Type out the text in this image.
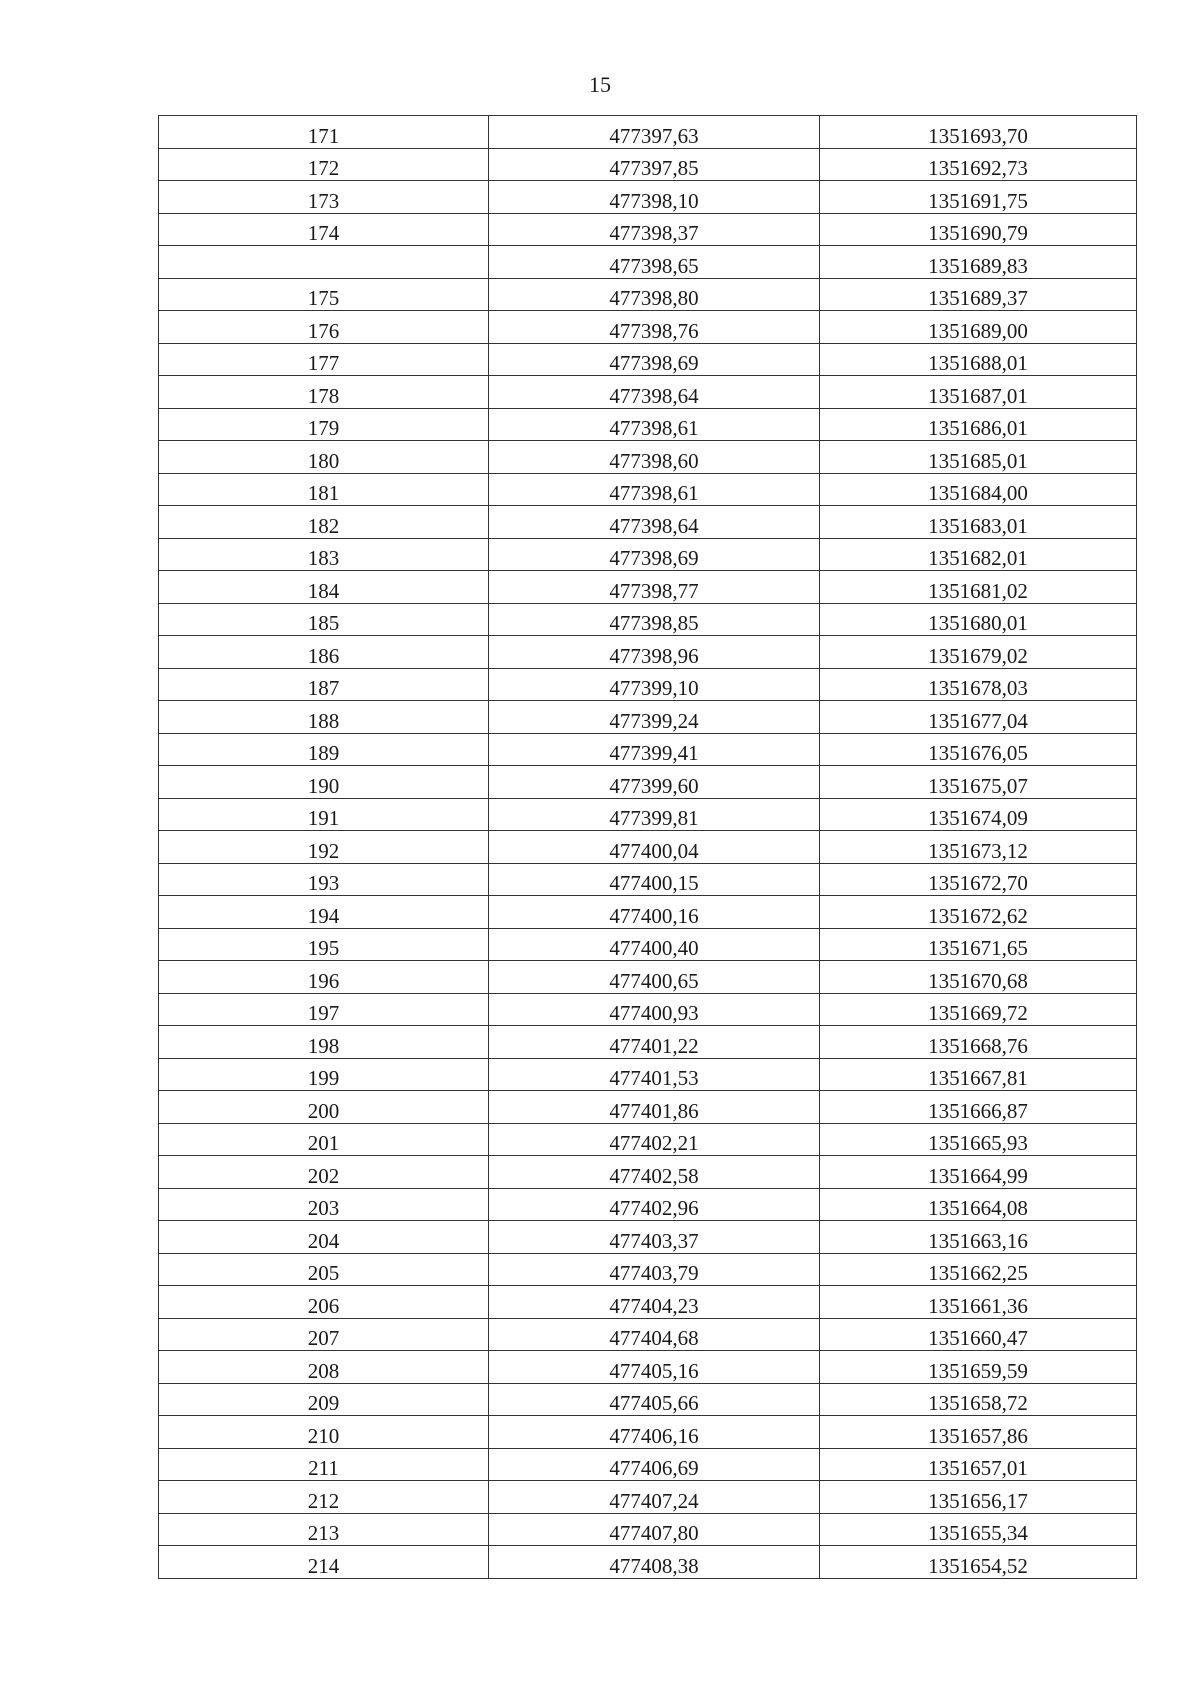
15
171	477397,63	1351693,70
172	477397,85	1351692,73
173	477398,10	1351691,75
174	477398,37	1351690,79
	477398,65	1351689,83
175	477398,80	1351689,37
176	477398,76	1351689,00
177	477398,69	1351688,01
178	477398,64	1351687,01
179	477398,61	1351686,01
180	477398,60	1351685,01
181	477398,61	1351684,00
182	477398,64	1351683,01
183	477398,69	1351682,01
184	477398,77	1351681,02
185	477398,85	1351680,01
186	477398,96	1351679,02
187	477399,10	1351678,03
188	477399,24	1351677,04
189	477399,41	1351676,05
190	477399,60	1351675,07
191	477399,81	1351674,09
192	477400,04	1351673,12
193	477400,15	1351672,70
194	477400,16	1351672,62
195	477400,40	1351671,65
196	477400,65	1351670,68
197	477400,93	1351669,72
198	477401,22	1351668,76
199	477401,53	1351667,81
200	477401,86	1351666,87
201	477402,21	1351665,93
202	477402,58	1351664,99
203	477402,96	1351664,08
204	477403,37	1351663,16
205	477403,79	1351662,25
206	477404,23	1351661,36
207	477404,68	1351660,47
208	477405,16	1351659,59
209	477405,66	1351658,72
210	477406,16	1351657,86
211	477406,69	1351657,01
212	477407,24	1351656,17
213	477407,80	1351655,34
214	477408,38	1351654,52
